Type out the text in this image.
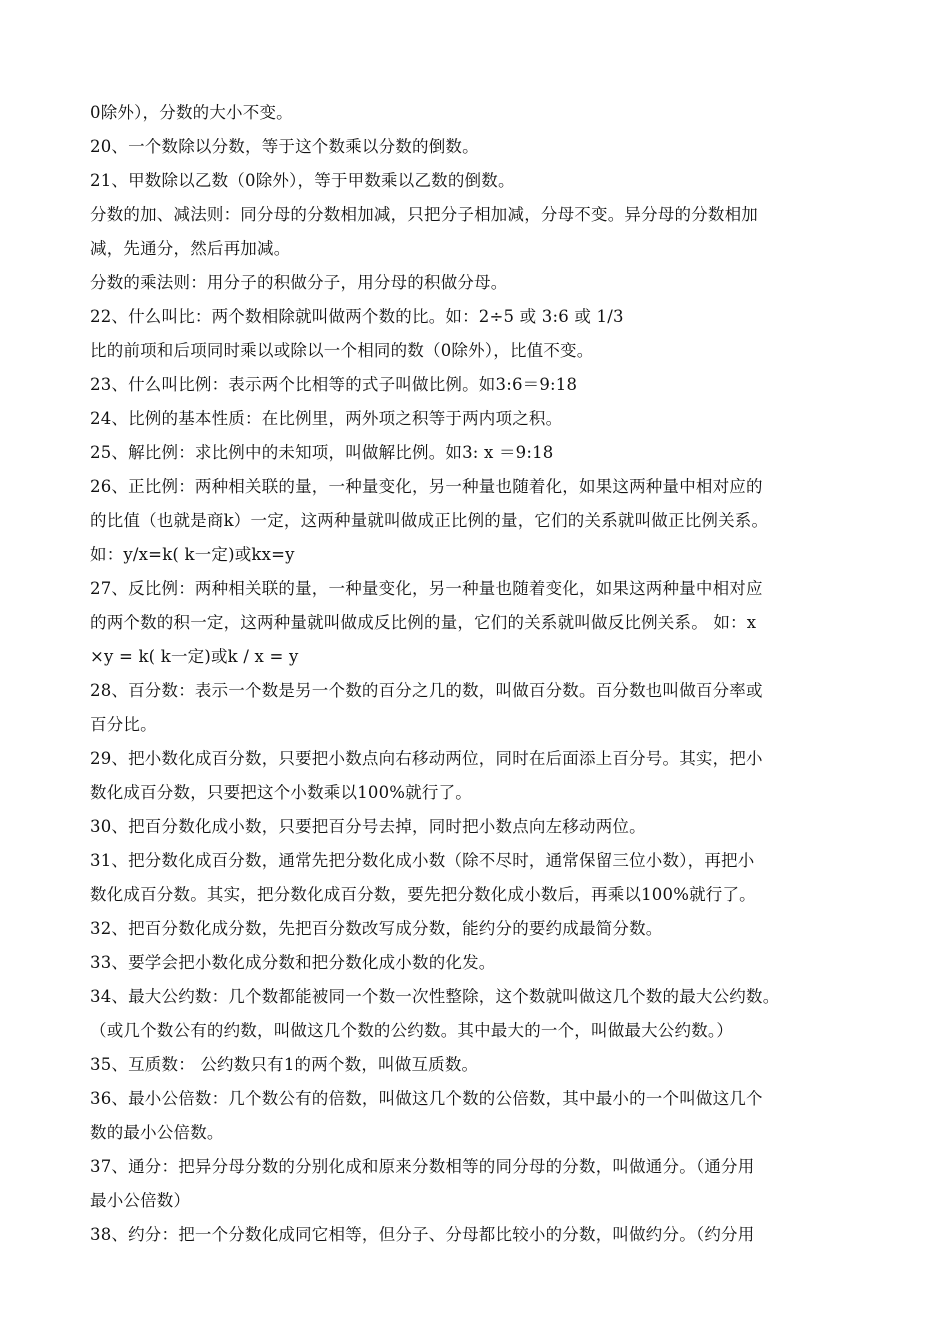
0除外），分数的大小不变。
20、一个数除以分数，等于这个数乘以分数的倒数。
21、甲数除以乙数（0除外），等于甲数乘以乙数的倒数。
分数的加、减法则：同分母的分数相加减，只把分子相加减，分母不变。异分母的分数相加
减，先通分，然后再加减。
分数的乘法则：用分子的积做分子，用分母的积做分母。
22、什么叫比：两个数相除就叫做两个数的比。如：2÷5 或 3:6 或 1/3
比的前项和后项同时乘以或除以一个相同的数（0除外），比值不变。
23、什么叫比例：表示两个比相等的式子叫做比例。如3:6＝9:18
24、比例的基本性质：在比例里，两外项之积等于两内项之积。
25、解比例：求比例中的未知项，叫做解比例。如3: x ＝9:18
26、正比例：两种相关联的量，一种量变化，另一种量也随着化，如果这两种量中相对应的
的比值（也就是商k）一定，这两种量就叫做成正比例的量，它们的关系就叫做正比例关系。
如：y/x=k( k一定)或kx=y
27、反比例：两种相关联的量，一种量变化，另一种量也随着变化，如果这两种量中相对应
的两个数的积一定，这两种量就叫做成反比例的量，它们的关系就叫做反比例关系。 如：x
×y = k( k一定)或k / x = y
28、百分数：表示一个数是另一个数的百分之几的数，叫做百分数。百分数也叫做百分率或
百分比。
29、把小数化成百分数，只要把小数点向右移动两位，同时在后面添上百分号。其实，把小
数化成百分数，只要把这个小数乘以100%就行了。
30、把百分数化成小数，只要把百分号去掉，同时把小数点向左移动两位。
31、把分数化成百分数，通常先把分数化成小数（除不尽时，通常保留三位小数），再把小
数化成百分数。其实，把分数化成百分数，要先把分数化成小数后，再乘以100%就行了。
32、把百分数化成分数，先把百分数改写成分数，能约分的要约成最简分数。
33、要学会把小数化成分数和把分数化成小数的化发。
34、最大公约数：几个数都能被同一个数一次性整除，这个数就叫做这几个数的最大公约数。
（或几个数公有的约数，叫做这几个数的公约数。其中最大的一个，叫做最大公约数。）
35、互质数： 公约数只有1的两个数，叫做互质数。
36、最小公倍数：几个数公有的倍数，叫做这几个数的公倍数，其中最小的一个叫做这几个
数的最小公倍数。
37、通分：把异分母分数的分别化成和原来分数相等的同分母的分数，叫做通分。（通分用
最小公倍数）
38、约分：把一个分数化成同它相等，但分子、分母都比较小的分数，叫做约分。（约分用
